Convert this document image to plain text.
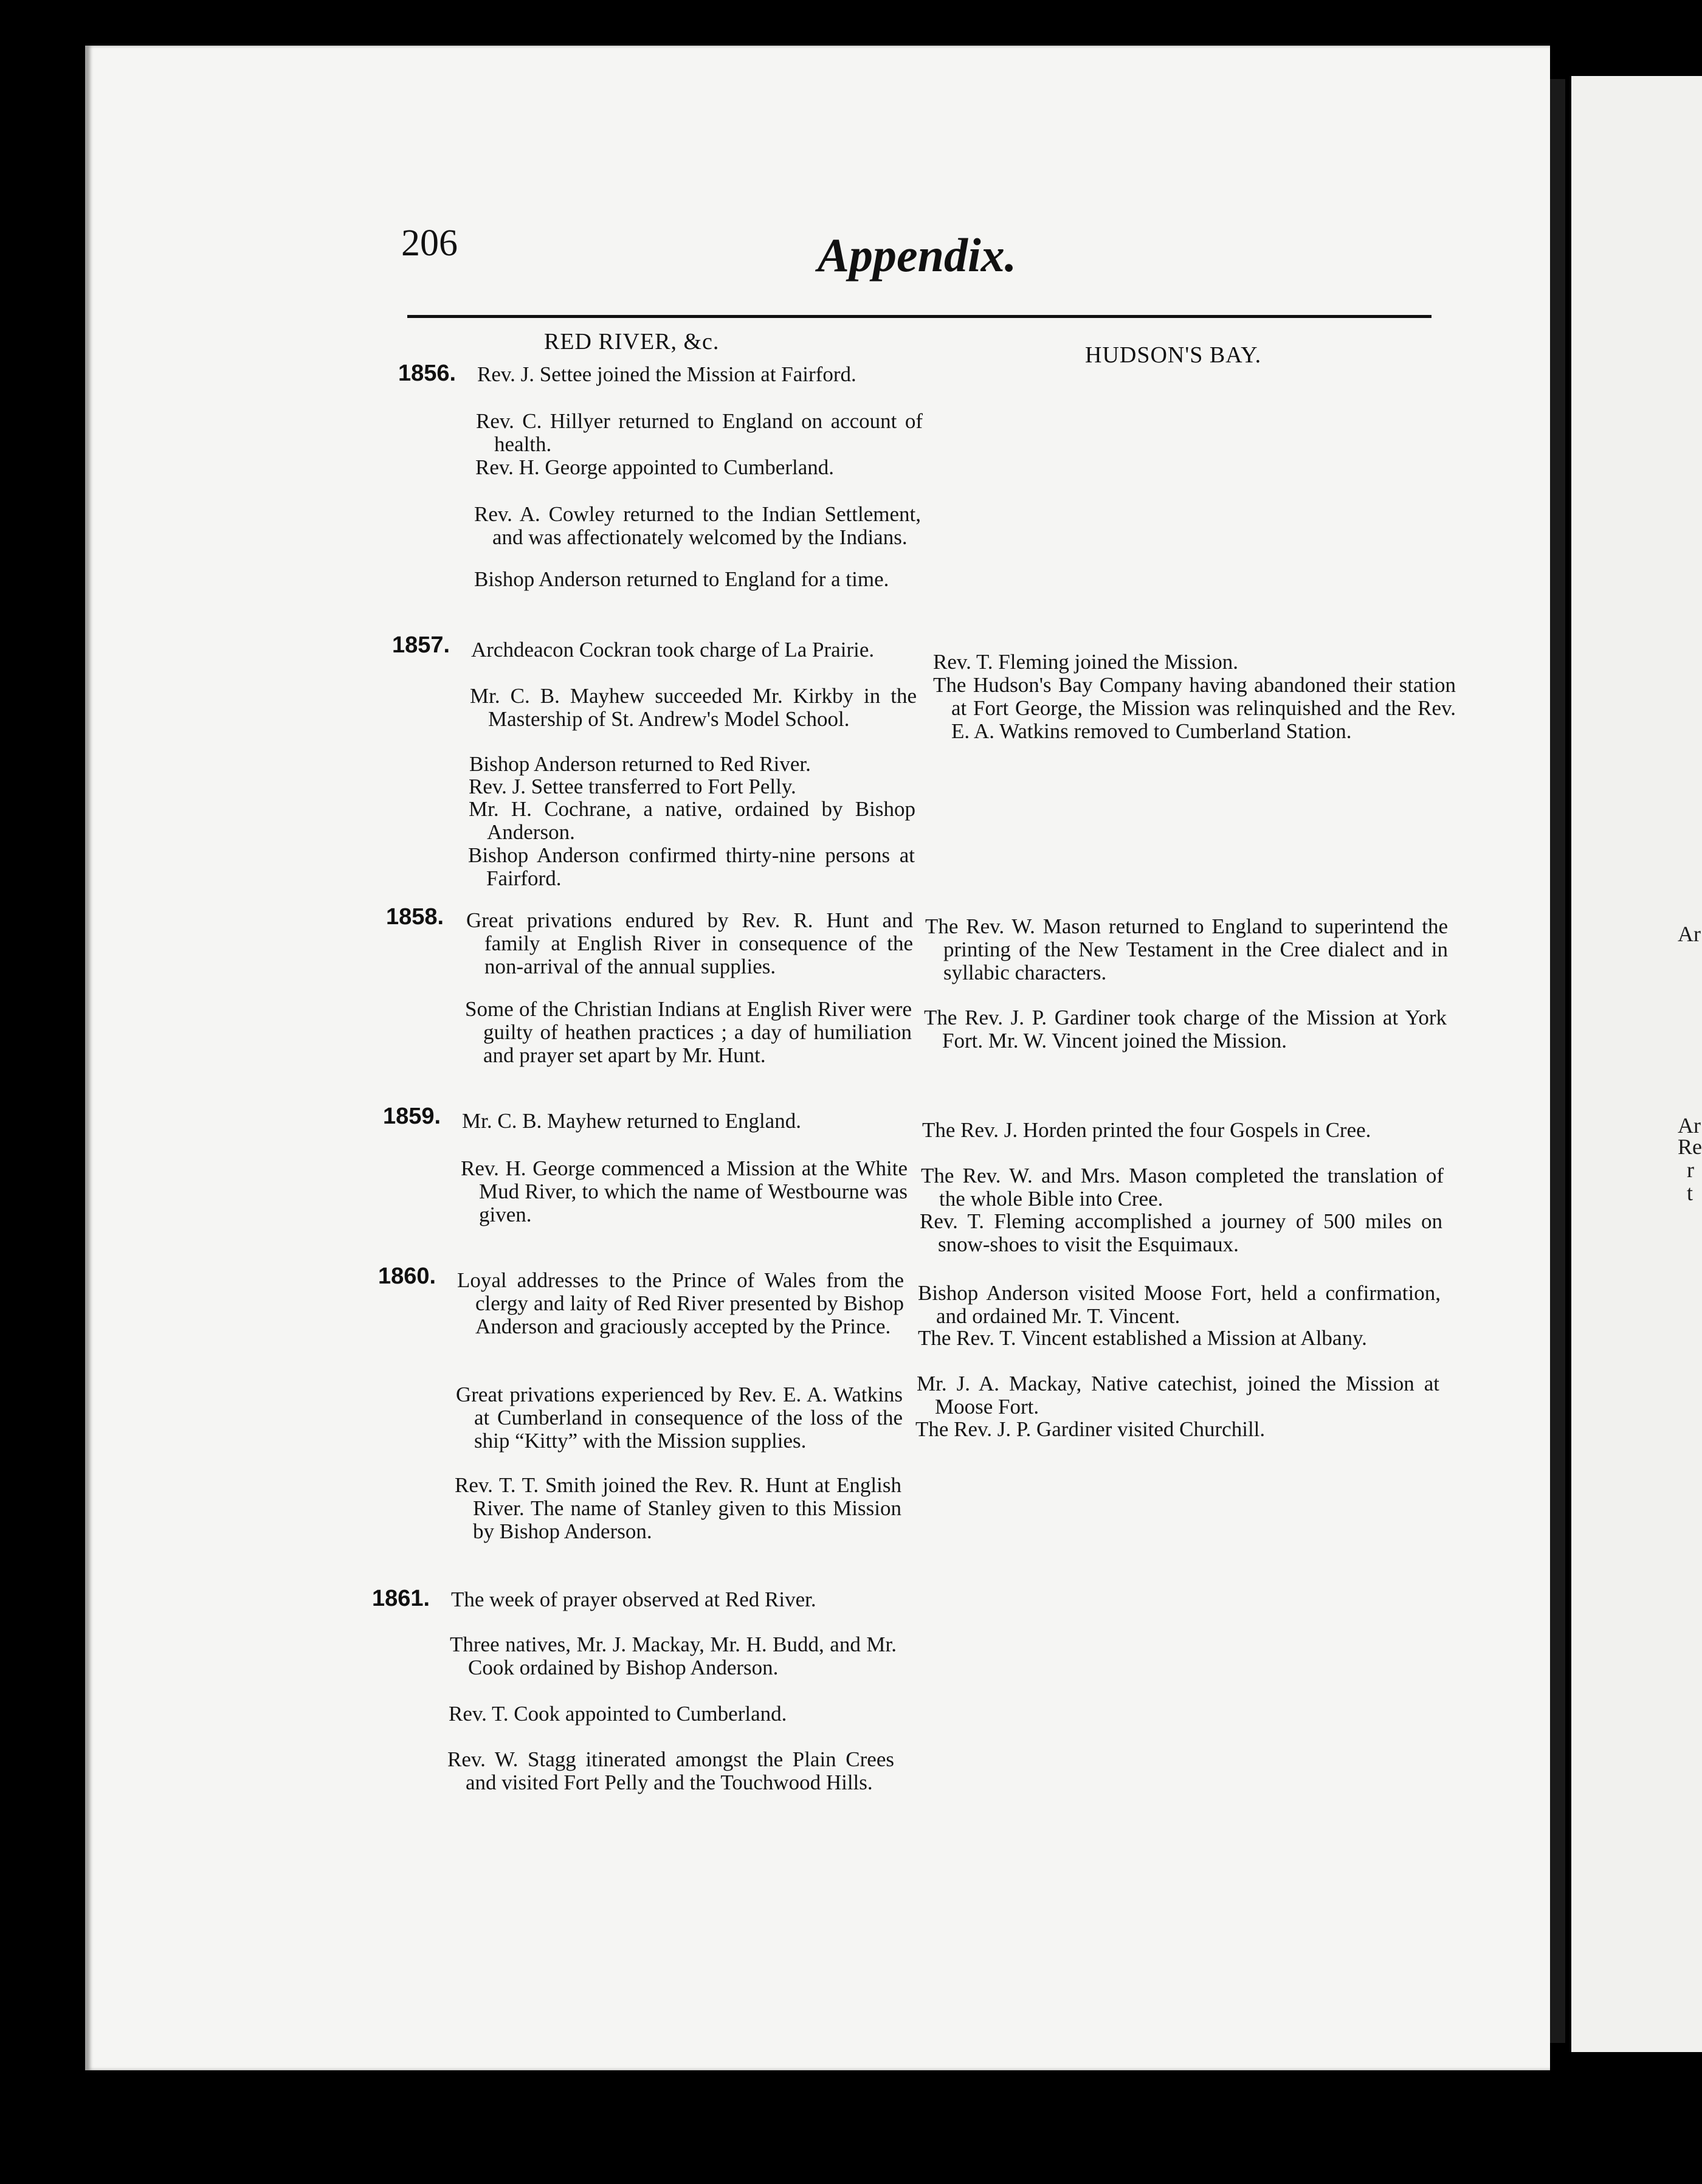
Ar
Ar
Re
r
t
206	Appendix.
RED RIVER, &c.
HUDSON'S BAY.
1856.
1857.
1858.
1859.
1860.
1861.

Rev. J. Settee joined the Mission at Fairford.

Rev. C. Hillyer returned to England on account of health.

Rev. H. George appointed to Cumberland.

Rev. A. Cowley returned to the Indian Settlement, and was affectionately welcomed by the Indians.

Bishop Anderson returned to England for a time.

Archdeacon Cockran took charge of La Prairie.

Mr. C. B. Mayhew succeeded Mr. Kirkby in the Mastership of St. Andrew's Model School.

Bishop Anderson returned to Red River.

Rev. J. Settee transferred to Fort Pelly.

Mr. H. Cochrane, a native, ordained by Bishop Anderson.

Bishop Anderson confirmed thirty-nine persons at Fairford.

Great privations endured by Rev. R. Hunt and family at English River in consequence of the non-arrival of the annual supplies.

Some of the Christian Indians at English River were guilty of heathen practices ; a day of humiliation and prayer set apart by Mr. Hunt.

Mr. C. B. Mayhew returned to England.

Rev. H. George commenced a Mission at the White Mud River, to which the name of Westbourne was given.

Loyal addresses to the Prince of Wales from the clergy and laity of Red River presented by Bishop Anderson and graciously accepted by the Prince.

Great privations experienced by Rev. E. A. Watkins at Cumberland in consequence of the loss of the ship “Kitty” with the Mission supplies.

Rev. T. T. Smith joined the Rev. R. Hunt at English River. The name of Stanley given to this Mission by Bishop Anderson.

The week of prayer observed at Red River.

Three natives, Mr. J. Mackay, Mr. H. Budd, and Mr. Cook ordained by Bishop Anderson.

Rev. T. Cook appointed to Cumberland.

Rev. W. Stagg itinerated amongst the Plain Crees and visited Fort Pelly and the Touchwood Hills.

Rev. T. Fleming joined the Mission.

The Hudson's Bay Company having abandoned their station at Fort George, the Mission was relinquished and the Rev. E. A. Watkins removed to Cumberland Station.

The Rev. W. Mason returned to England to superintend the printing of the New Testament in the Cree dialect and in syllabic characters.

The Rev. J. P. Gardiner took charge of the Mission at York Fort. Mr. W. Vincent joined the Mission.

The Rev. J. Horden printed the four Gospels in Cree.

The Rev. W. and Mrs. Mason completed the translation of the whole Bible into Cree.

Rev. T. Fleming accomplished a journey of 500 miles on snow-shoes to visit the Esquimaux.

Bishop Anderson visited Moose Fort, held a confirmation, and ordained Mr. T. Vincent.

The Rev. T. Vincent established a Mission at Albany.

Mr. J. A. Mackay, Native catechist, joined the Mission at Moose Fort.

The Rev. J. P. Gardiner visited Churchill.
